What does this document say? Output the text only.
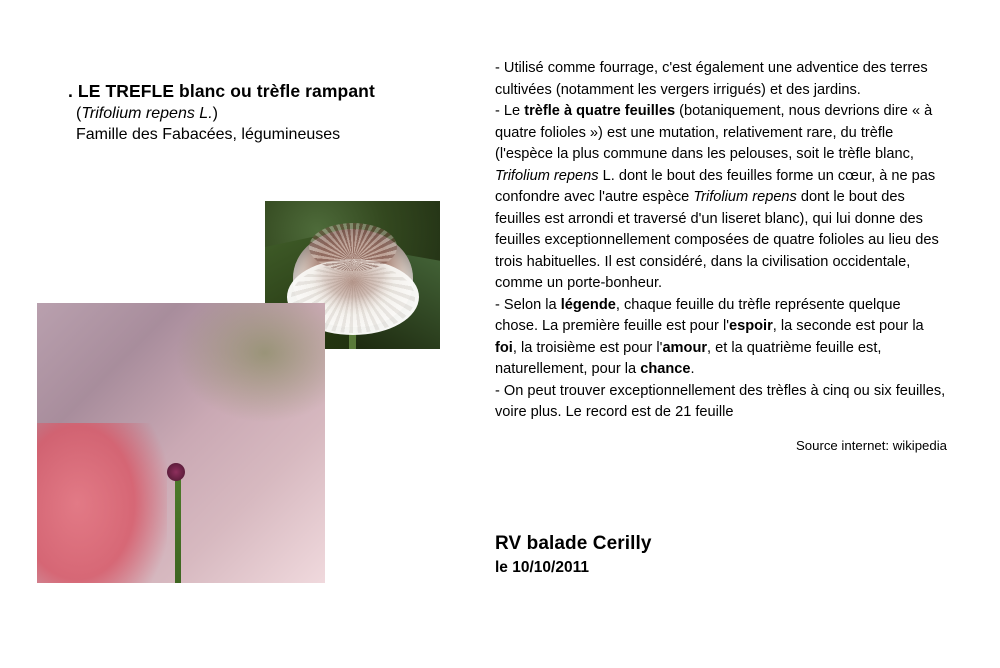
. LE TREFLE blanc ou trèfle rampant
(Trifolium repens L.)
Famille des Fabacées, légumineuses

- Utilisé comme fourrage, c'est également une adventice des terres cultivées (notamment les vergers irrigués) et des jardins.

- Le trèfle à quatre feuilles (botaniquement, nous devrions dire « à quatre folioles ») est une mutation, relativement rare, du trèfle (l'espèce la plus commune dans les pelouses, soit le trèfle blanc, Trifolium repens L. dont le bout des feuilles forme un cœur, à ne pas confondre avec l'autre espèce Trifolium repens dont le bout des feuilles est arrondi et traversé d'un liseret blanc), qui lui donne des feuilles exceptionnellement composées de quatre folioles au lieu des trois habituelles. Il est considéré, dans la civilisation occidentale, comme un porte-bonheur.

- Selon la légende, chaque feuille du trèfle représente quelque chose. La première feuille est pour l'espoir, la seconde est pour la foi, la troisième est pour l'amour, et la quatrième feuille est, naturellement, pour la chance.

- On peut trouver exceptionnellement des trèfles à cinq ou six feuilles, voire plus. Le record est de 21 feuille

Source internet: wikipedia
RV balade Cerilly
le 10/10/2011
